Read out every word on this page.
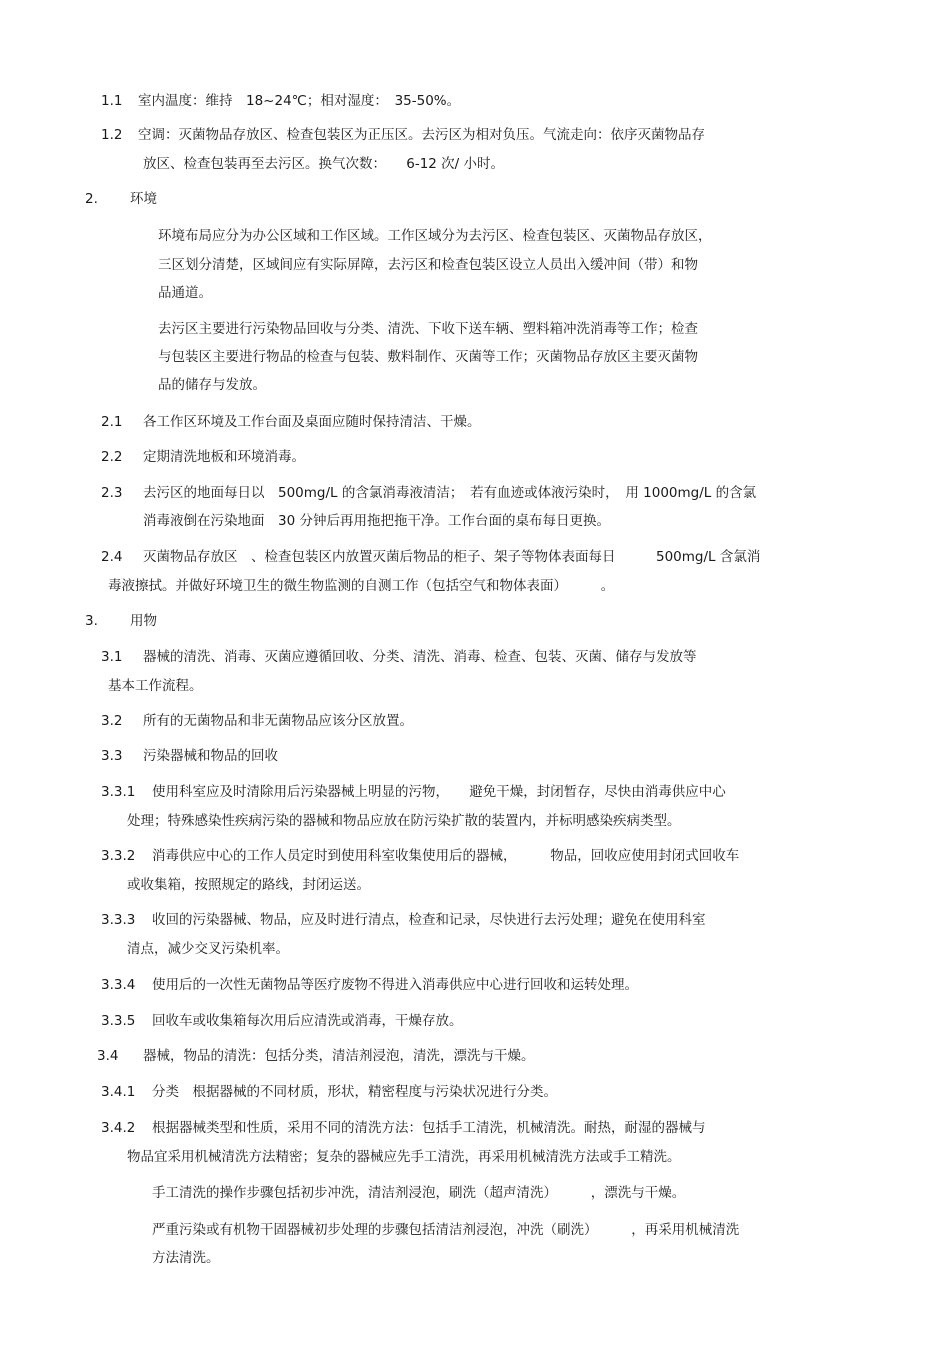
1.1 室内温度：维持　18~24℃；相对湿度：　35-50%。
1.2 空调：灭菌物品存放区、检查包装区为正压区。去污区为相对负压。气流走向：依序灭菌物品存
放区、检查包装再至去污区。换气次数：　　6-12 次/ 小时。
2. 环境
环境布局应分为办公区域和工作区域。工作区域分为去污区、检查包装区、灭菌物品存放区，
三区划分清楚，区域间应有实际屏障，去污区和检查包装区设立人员出入缓冲间（带）和物
品通道。
去污区主要进行污染物品回收与分类、清洗、下收下送车辆、塑料箱冲洗消毒等工作；检查
与包装区主要进行物品的检查与包装、敷料制作、灭菌等工作；灭菌物品存放区主要灭菌物
品的储存与发放。
2.1 各工作区环境及工作台面及桌面应随时保持清洁、干燥。
2.2 定期清洗地板和环境消毒。
2.3 去污区的地面每日以　500mg/L 的含氯消毒液清洁；　若有血迹或体液污染时，　用 1000mg/L 的含氯
消毒液倒在污染地面　30 分钟后再用拖把拖干净。工作台面的桌布每日更换。
2.4 灭菌物品存放区　、检查包装区内放置灭菌后物品的柜子、架子等物体表面每日　　　500mg/L 含氯消
毒液擦拭。并做好环境卫生的微生物监测的自测工作（包括空气和物体表面）　　　。
3. 用物
3.1 器械的清洗、消毒、灭菌应遵循回收、分类、清洗、消毒、检查、包装、灭菌、储存与发放等
基本工作流程。
3.2 所有的无菌物品和非无菌物品应该分区放置。
3.3 污染器械和物品的回收
3.3.1 使用科室应及时清除用后污染器械上明显的污物，　　避免干燥，封闭暂存，尽快由消毒供应中心
处理；特殊感染性疾病污染的器械和物品应放在防污染扩散的装置内，并标明感染疾病类型。
3.3.2 消毒供应中心的工作人员定时到使用科室收集使用后的器械，　　　物品，回收应使用封闭式回收车
或收集箱，按照规定的路线，封闭运送。
3.3.3 收回的污染器械、物品，应及时进行清点，检查和记录，尽快进行去污处理；避免在使用科室
清点，减少交叉污染机率。
3.3.4 使用后的一次性无菌物品等医疗废物不得进入消毒供应中心进行回收和运转处理。
3.3.5 回收车或收集箱每次用后应清洗或消毒，干燥存放。
3.4 器械，物品的清洗：包括分类，清洁剂浸泡，清洗，漂洗与干燥。
3.4.1 分类　根据器械的不同材质，形状，精密程度与污染状况进行分类。
3.4.2 根据器械类型和性质，采用不同的清洗方法：包括手工清洗，机械清洗。耐热，耐湿的器械与
物品宜采用机械清洗方法精密；复杂的器械应先手工清洗，再采用机械清洗方法或手工精洗。
手工清洗的操作步骤包括初步冲洗，清洁剂浸泡，刷洗（超声清洗）　　　，漂洗与干燥。
严重污染或有机物干固器械初步处理的步骤包括清洁剂浸泡，冲洗（刷洗）　　　，再采用机械清洗
方法清洗。
